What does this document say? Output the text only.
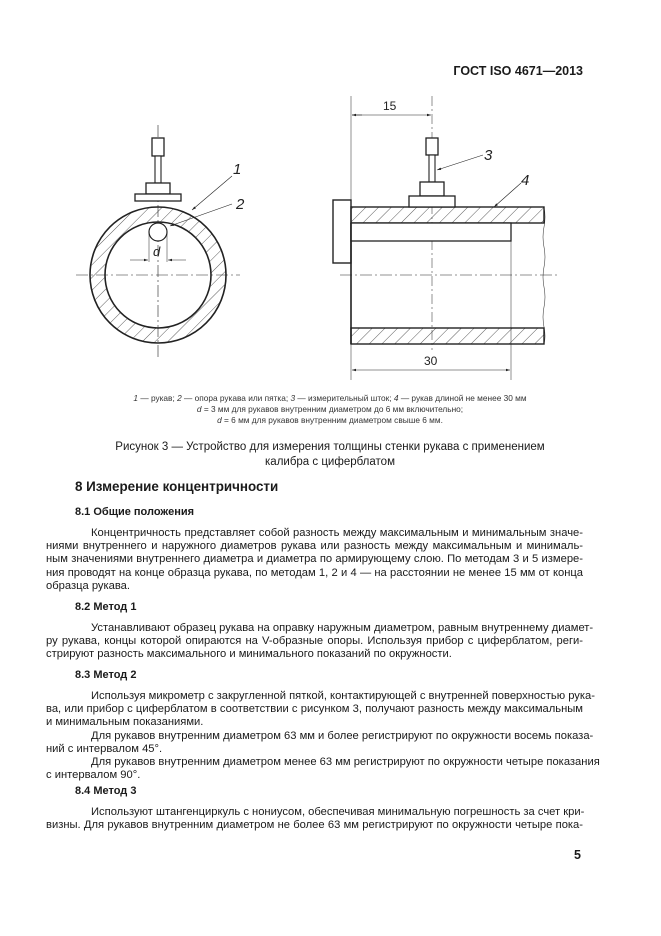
ГОСТ ISO 4671—2013
1
2
d
3
4
15
30
1 — рукав; 2 — опора рукава или пятка; 3 — измерительный шток; 4 — рукав длиной не менее 30 мм
d = 3 мм для рукавов внутренним диаметром до 6 мм включительно;
d = 6 мм для рукавов внутренним диаметром свыше 6 мм.
Рисунок 3 — Устройство для измерения толщины стенки рукава с применением
калибра с циферблатом
8 Измерение концентричности
8.1 Общие положения
Концентричность представляет собой разность между максимальным и минимальным значе-
ниями внутреннего и наружного диаметров рукава или разность между максимальным и минималь-
ным значениями внутреннего диаметра и диаметра по армирующему слою. По методам 3 и 5 измере-
ния проводят на конце образца рукава, по методам 1, 2 и 4 — на расстоянии не менее 15 мм от конца
образца рукава.
8.2 Метод 1
Устанавливают образец рукава на оправку наружным диаметром, равным внутреннему диамет-
ру рукава, концы которой опираются на V-образные опоры. Используя прибор с циферблатом, реги-
стрируют разность максимального и минимального показаний по окружности.
8.3 Метод 2
Используя микрометр с закругленной пяткой, контактирующей с внутренней поверхностью рука-
ва, или прибор с циферблатом в соответствии с рисунком 3, получают разность между максимальным
и минимальным показаниями.
Для рукавов внутренним диаметром 63 мм и более регистрируют по окружности восемь показа-
ний с интервалом 45°.
Для рукавов внутренним диаметром менее 63 мм регистрируют по окружности четыре показания
с интервалом 90°.
8.4 Метод 3
Используют штангенциркуль с нониусом, обеспечивая минимальную погрешность за счет кри-
визны. Для рукавов внутренним диаметром не более 63 мм регистрируют по окружности четыре пока-
5
